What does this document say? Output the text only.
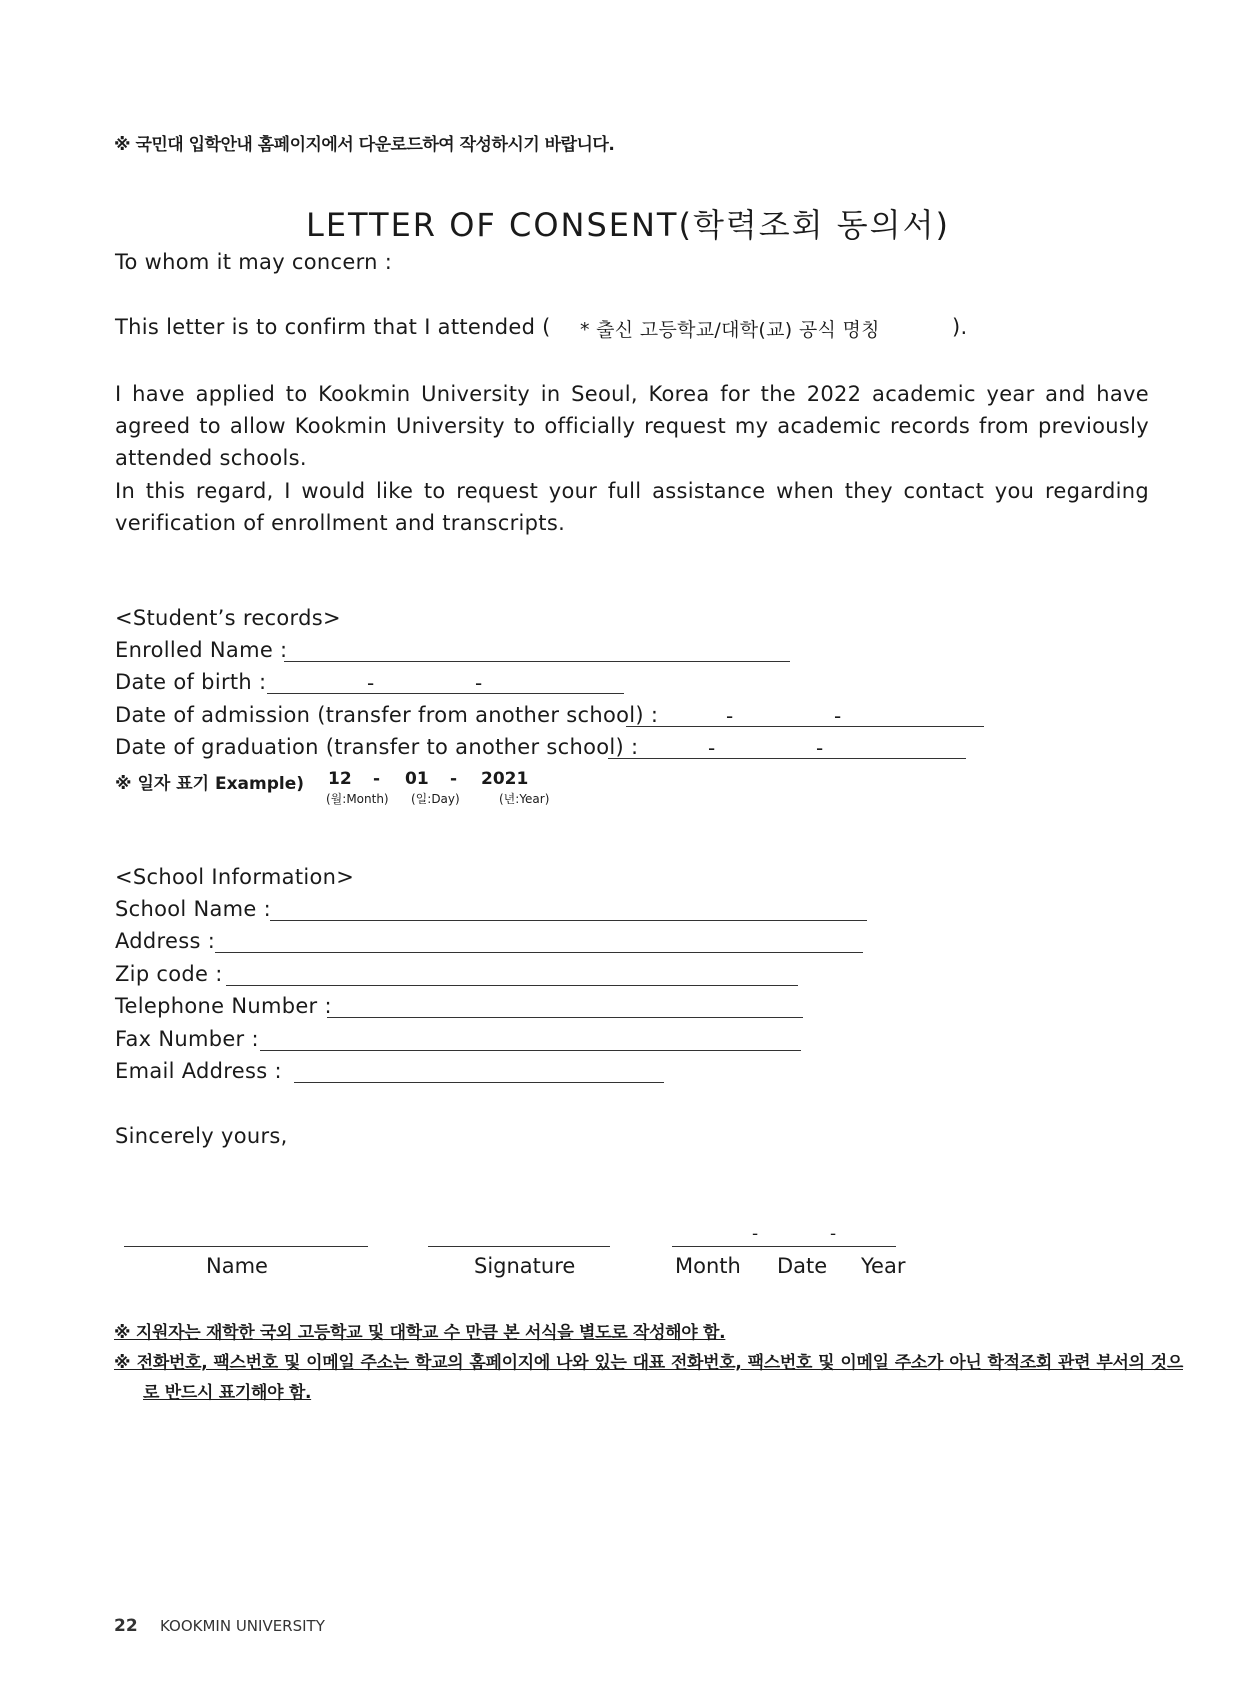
※ 국민대 입학안내 홈페이지에서 다운로드하여 작성하시기 바랍니다.
LETTER OF CONSENT(학력조회 동의서)
To whom it may concern :
This letter is to confirm that I attended ( * 출신 고등학교/대학(교) 공식 명칭	).
I have applied to Kookmin University in Seoul, Korea for the 2022 academic year and have agreed to allow Kookmin University to officially request my academic records from previously attended schools.
In this regard, I would like to request your full assistance when they contact you regarding verification of enrollment and transcripts.
<Student’s records>
Enrolled Name :
Date of birth :	-	-
Date of admission (transfer from another school) :	-	-
Date of graduation (transfer to another school) :	-	-
※ 일자 표기 Example) 12 - 01 - 2021
(월:Month) (일:Day)	(년:Year)
<School Information>
School Name :
Address :
Zip code :
Telephone Number :
Fax Number :
Email Address :
Sincerely yours,
-	-
Name	Signature	Month Date Year
※ 지원자는 재학한 국외 고등학교 및 대학교 수 만큼 본 서식을 별도로 작성해야 함.
※ 전화번호, 팩스번호 및 이메일 주소는 학교의 홈페이지에 나와 있는 대표 전화번호, 팩스번호 및 이메일 주소가 아닌 학적조회 관련 부서의 것으로 반드시 표기해야 함.
22 KOOKMIN UNIVERSITY
